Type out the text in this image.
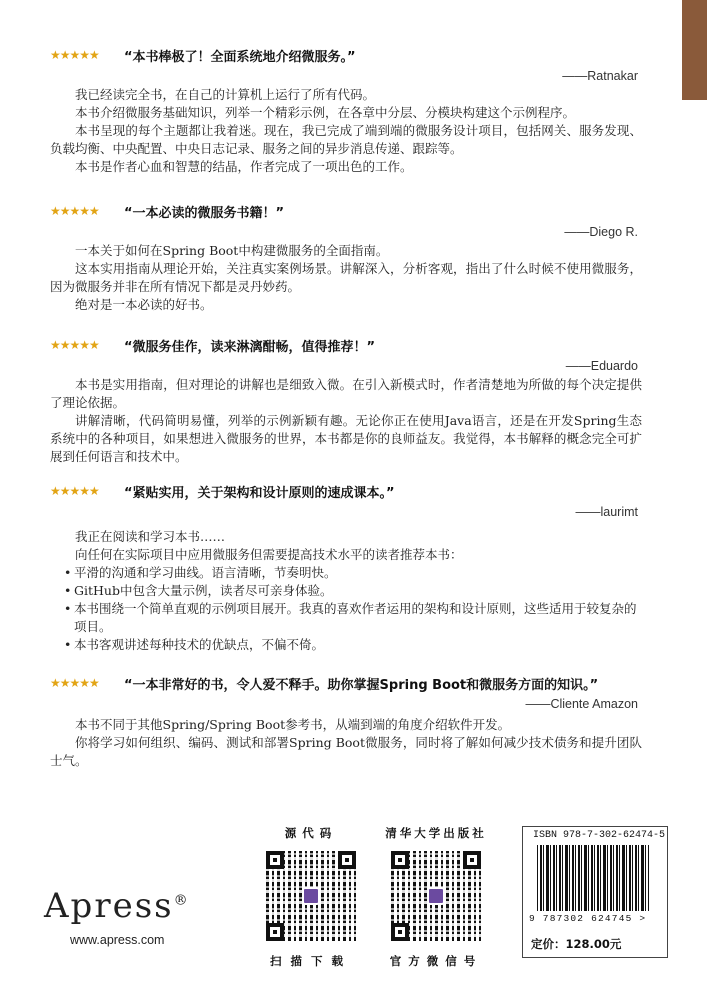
★★★★★ “本书棒极了！全面系统地介绍微服务。”
——Ratnakar

我已经读完全书，在自己的计算机上运行了所有代码。

本书介绍微服务基础知识，列举一个精彩示例，在各章中分层、分模块构建这个示例程序。

本书呈现的每个主题都让我着迷。现在，我已完成了端到端的微服务设计项目，包括网关、服务发现、负载均衡、中央配置、中央日志记录、服务之间的异步消息传递、跟踪等。

本书是作者心血和智慧的结晶，作者完成了一项出色的工作。

★★★★★ “一本必读的微服务书籍！”
——Diego R.

一本关于如何在Spring Boot中构建微服务的全面指南。

这本实用指南从理论开始，关注真实案例场景。讲解深入，分析客观，指出了什么时候不使用微服务，因为微服务并非在所有情况下都是灵丹妙药。

绝对是一本必读的好书。

★★★★★ “微服务佳作，读来淋漓酣畅，值得推荐！”
——Eduardo

本书是实用指南，但对理论的讲解也是细致入微。在引入新模式时，作者清楚地为所做的每个决定提供了理论依据。

讲解清晰，代码简明易懂，列举的示例新颖有趣。无论你正在使用Java语言，还是在开发Spring生态系统中的各种项目，如果想进入微服务的世界，本书都是你的良师益友。我觉得，本书解释的概念完全可扩展到任何语言和技术中。

★★★★★ “紧贴实用，关于架构和设计原则的速成课本。”
——laurimt

我正在阅读和学习本书……

向任何在实际项目中应用微服务但需要提高技术水平的读者推荐本书：

• 平滑的沟通和学习曲线。语言清晰，节奏明快。
• GitHub中包含大量示例，读者尽可亲身体验。
• 本书围绕一个简单直观的示例项目展开。我真的喜欢作者运用的架构和设计原则，这些适用于较复杂的项目。
• 本书客观讲述每种技术的优缺点，不偏不倚。
★★★★★ “一本非常好的书，令人爱不释手。助你掌握Spring Boot和微服务方面的知识。”
——Cliente Amazon

本书不同于其他Spring/Spring Boot参考书，从端到端的角度介绍软件开发。

你将学习如何组织、编码、测试和部署Spring Boot微服务，同时将了解如何减少技术债务和提升团队士气。

Apress®
www.apress.com
源代码
扫描下载
清华大学出版社
官方微信号
ISBN 978-7-302-62474-5
9 787302 624745 >
定价：128.00元
